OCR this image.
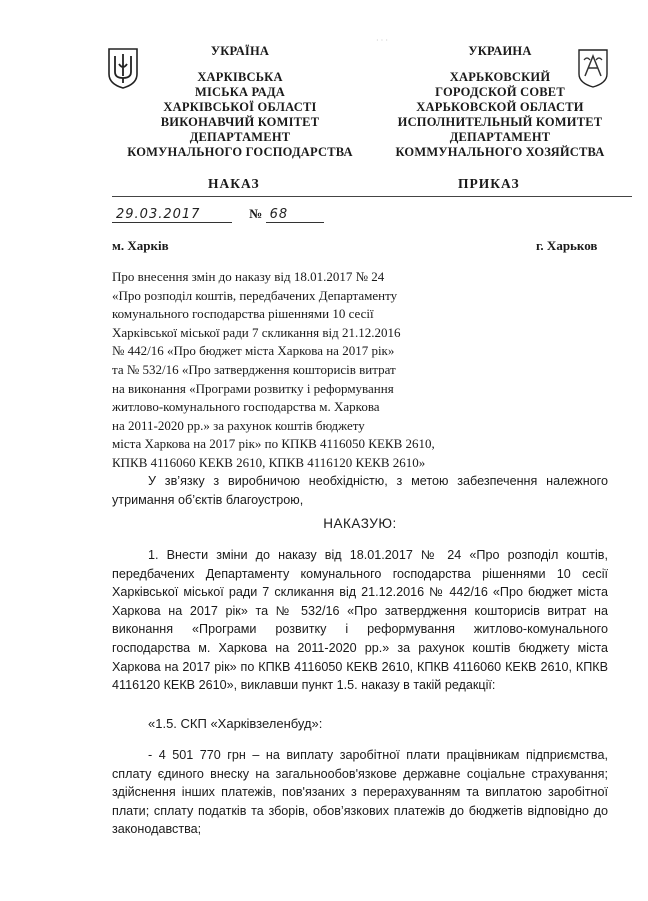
· · ·
УКРАЇНА
ХАРКІВСЬКА
МІСЬКА РАДА
ХАРКІВСЬКОЇ ОБЛАСТІ
ВИКОНАВЧИЙ КОМІТЕТ
ДЕПАРТАМЕНТ
КОМУНАЛЬНОГО ГОСПОДАРСТВА
УКРАИНА
ХАРЬКОВСКИЙ
ГОРОДСКОЙ СОВЕТ
ХАРЬКОВСКОЙ ОБЛАСТИ
ИСПОЛНИТЕЛЬНЫЙ КОМИТЕТ
ДЕПАРТАМЕНТ
КОММУНАЛЬНОГО ХОЗЯЙСТВА
НАКАЗ	ПРИКАЗ
29.03.2017	№ 68
м. Харків	г. Харьков
Про внесення змін до наказу від 18.01.2017 № 24
«Про розподіл коштів, передбачених Департаменту
комунального господарства рішеннями 10 сесії
Харківської міської ради 7 скликання від 21.12.2016
№ 442/16 «Про бюджет міста Харкова на 2017 рік»
та № 532/16 «Про затвердження кошторисів витрат
на виконання «Програми розвитку і реформування
житлово-комунального господарства м. Харкова
на 2011-2020 рр.» за рахунок коштів бюджету
міста Харкова на 2017 рік» по КПКВ 4116050 КЕКВ 2610,
КПКВ 4116060 КЕКВ 2610, КПКВ 4116120 КЕКВ 2610»

У зв’язку з виробничою необхідністю, з метою забезпечення належного утримання об’єктів благоустрою,

НАКАЗУЮ:

1. Внести зміни до наказу від 18.01.2017 № 24 «Про розподіл коштів, передбачених Департаменту комунального господарства рішеннями 10 сесії Харківської міської ради 7 скликання від 21.12.2016 № 442/16 «Про бюджет міста Харкова на 2017 рік» та № 532/16 «Про затвердження кошторисів витрат на виконання «Програми розвитку і реформування житлово-комунального господарства м. Харкова на 2011-2020 рр.» за рахунок коштів бюджету міста Харкова на 2017 рік» по КПКВ 4116050 КЕКВ 2610, КПКВ 4116060 КЕКВ 2610, КПКВ 4116120 КЕКВ 2610», виклавши пункт 1.5. наказу в такій редакції:

«1.5. СКП «Харківзеленбуд»:

- 4 501 770 грн – на виплату заробітної плати працівникам підприємства, сплату єдиного внеску на загальнообов'язкове державне соціальне страхування; здійснення інших платежів, пов'язаних з перерахуванням та виплатою заробітної плати; сплату податків та зборів, обов’язкових платежів до бюджетів відповідно до законодавства;
